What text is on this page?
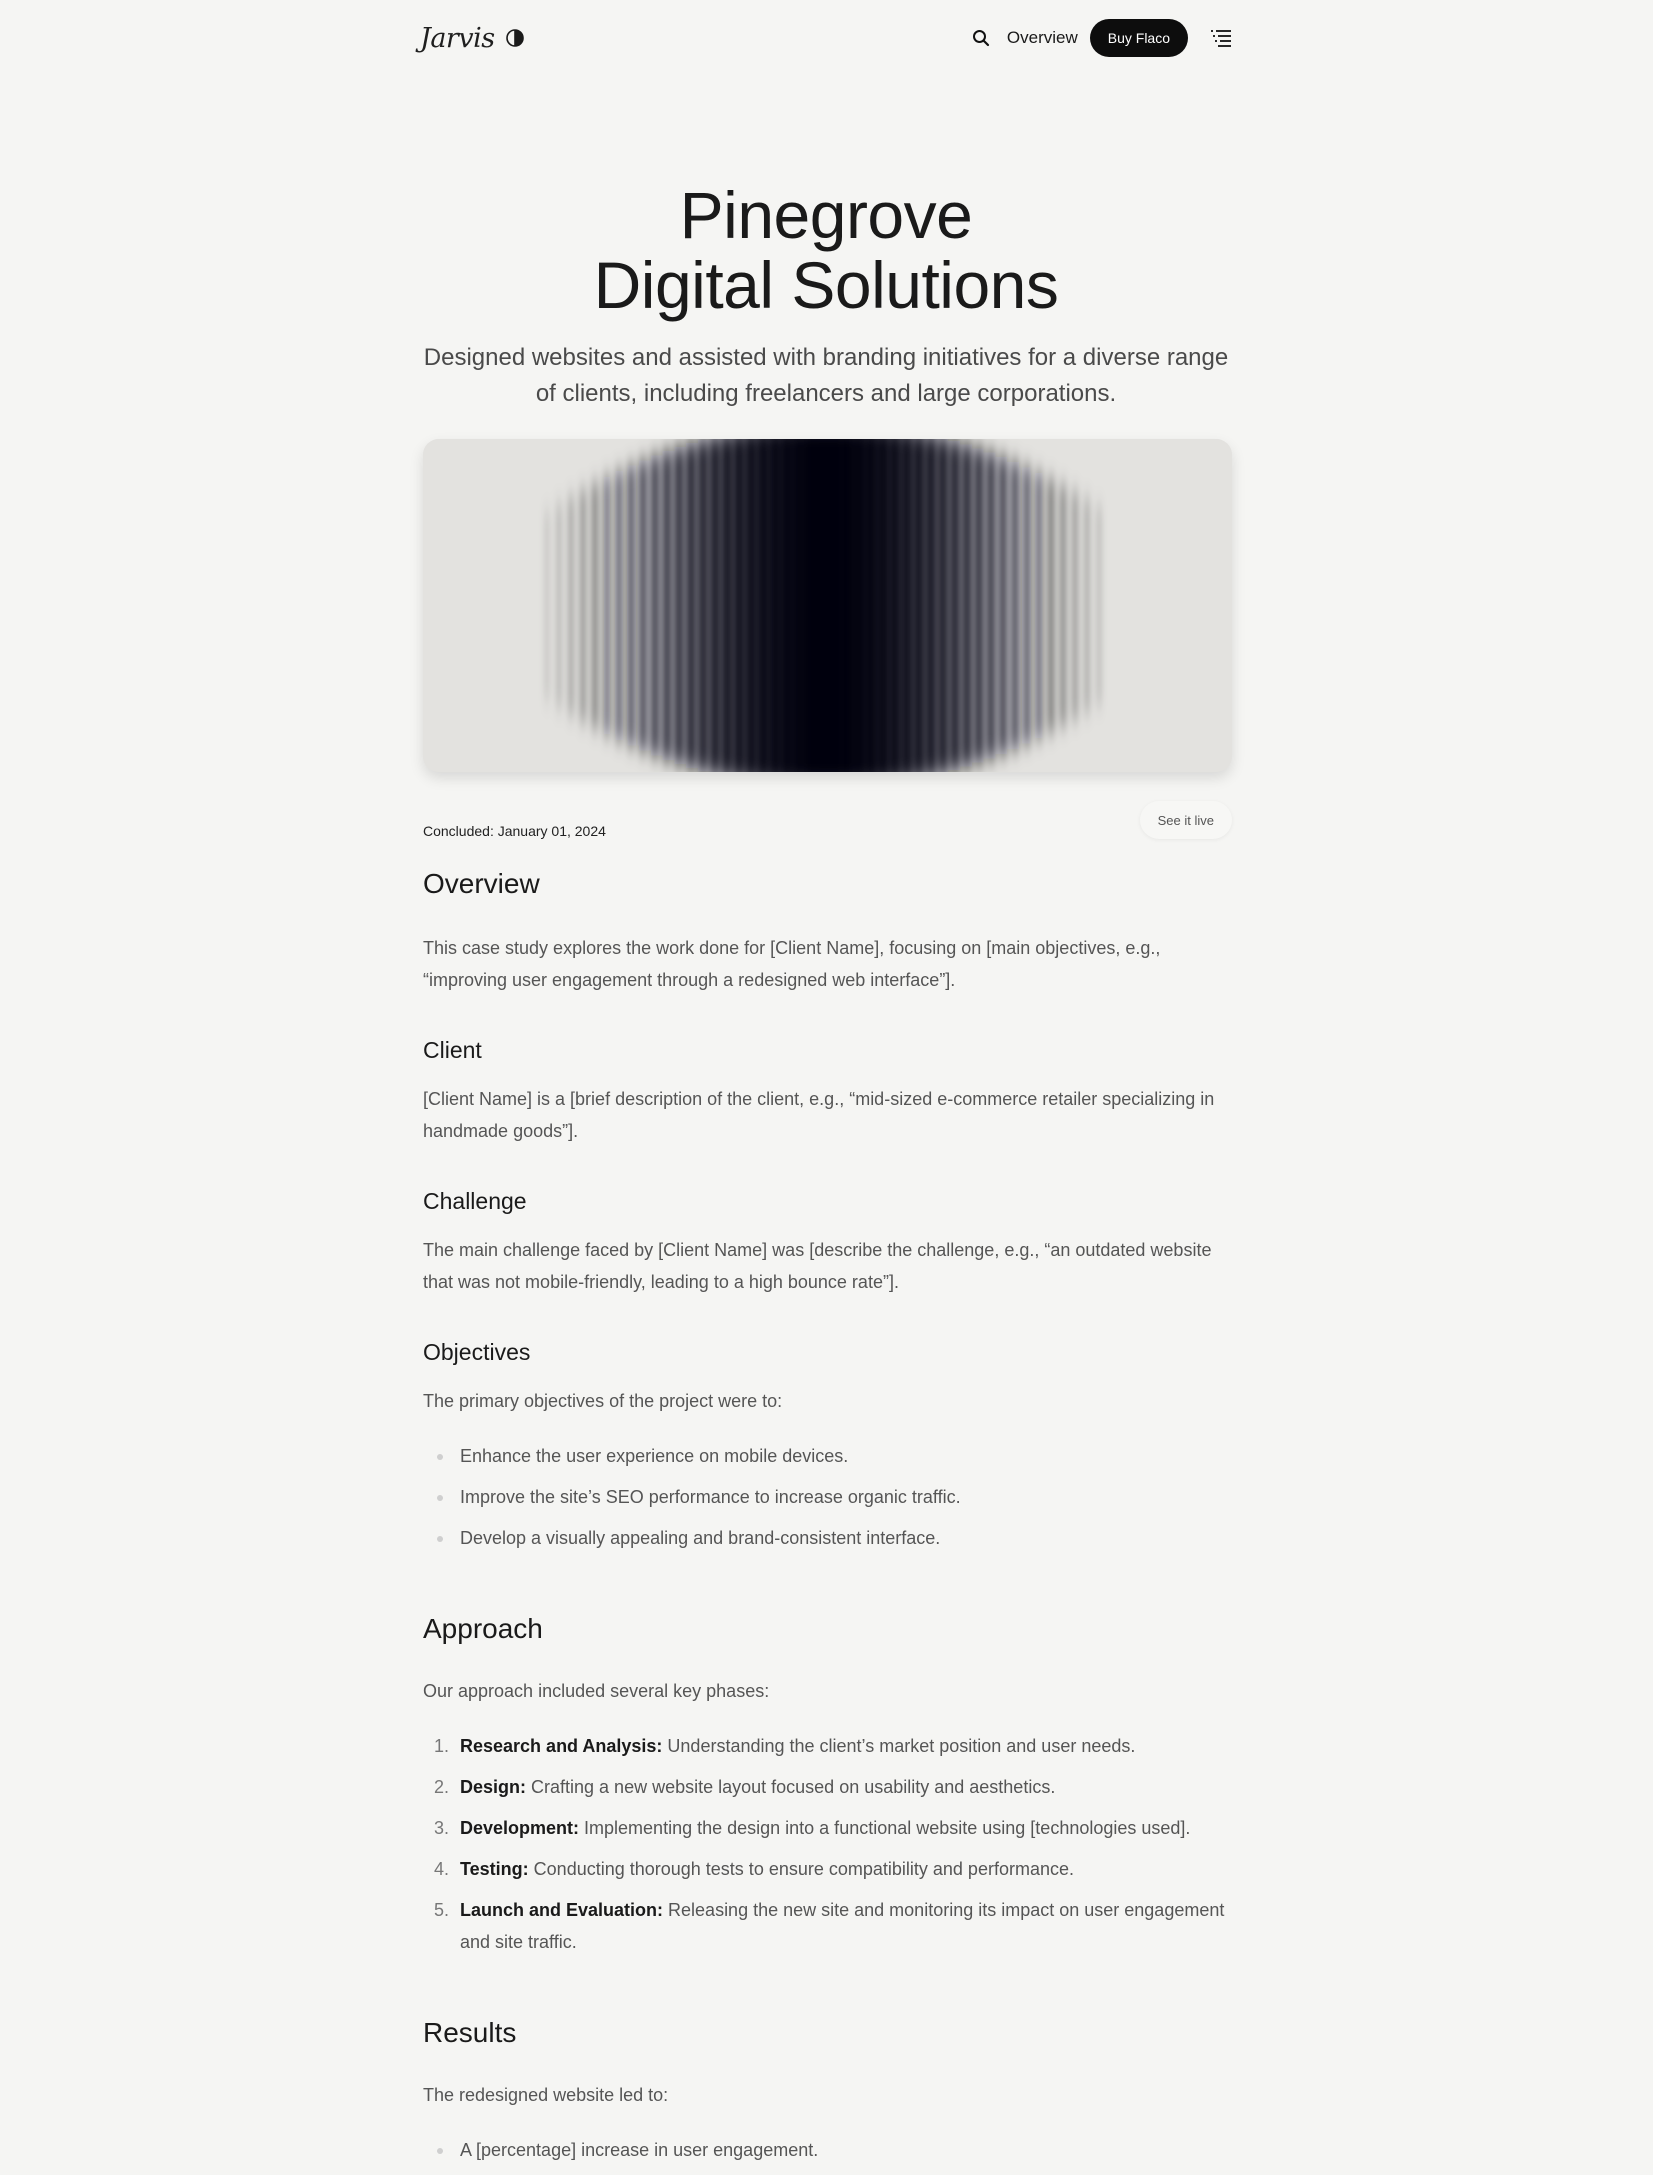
Jarvis	Overview	Buy Flaco
Pinegrove
Digital Solutions

Designed websites and assisted with branding initiatives for a diverse range of clients, including freelancers and large corporations.

Concluded: January 01, 2024
See it live
Overview

This case study explores the work done for [Client Name], focusing on [main objectives, e.g., “improving user engagement through a redesigned web interface”].

Client

[Client Name] is a [brief description of the client, e.g., “mid-sized e-commerce retailer specializing in handmade goods”].

Challenge

The main challenge faced by [Client Name] was [describe the challenge, e.g., “an outdated website that was not mobile-friendly, leading to a high bounce rate”].

Objectives

The primary objectives of the project were to:

Enhance the user experience on mobile devices.
Improve the site’s SEO performance to increase organic traffic.
Develop a visually appealing and brand-consistent interface.
Approach

Our approach included several key phases:

1. Research and Analysis: Understanding the client’s market position and user needs.
2. Design: Crafting a new website layout focused on usability and aesthetics.
3. Development: Implementing the design into a functional website using [technologies used].
4. Testing: Conducting thorough tests to ensure compatibility and performance.
5. Launch and Evaluation: Releasing the new site and monitoring its impact on user engagement and site traffic.
Results

The redesigned website led to:

A [percentage] increase in user engagement.
